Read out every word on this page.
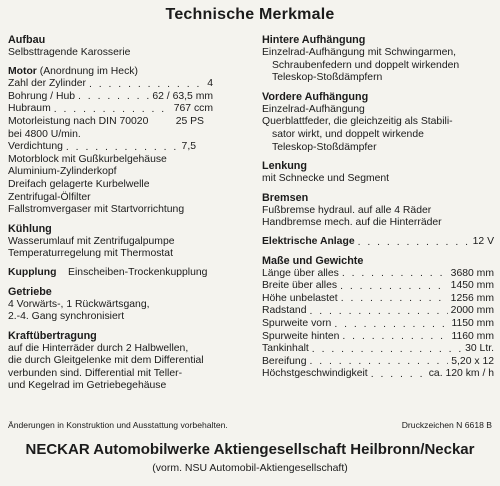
Technische Merkmale
Aufbau
Selbsttragende Karosserie
Motor (Anordnung im Heck)
Zahl der Zylinder . . .	4
Bohrung / Hub . . .	62 / 63,5 mm
Hubraum . . .	767 ccm
Motorleistung nach DIN 70020	25 PS
bei 4800 U/min.
Verdichtung . . .	7,5
Motorblock mit Gußkurbelgehäuse
Aluminium-Zylinderkopf
Dreifach gelagerte Kurbelwelle
Zentrifugal-Ölfilter
Fallstromvergaser mit Startvorrichtung
Kühlung
Wasserumlauf mit Zentrifugalpumpe
Temperaturregelung mit Thermostat
Kupplung Einscheiben-Trockenkupplung
Getriebe
4 Vorwärts-, 1 Rückwärtsgang,
2.-4. Gang synchronisiert
Kraftübertragung
auf die Hinterräder durch 2 Halbwellen,
die durch Gleitgelenke mit dem Differential
verbunden sind. Differential mit Teller-
und Kegelrad im Getriebegehäuse
Hintere Aufhängung
Einzelrad-Aufhängung mit Schwingarmen,
Schraubenfedern und doppelt wirkenden
Teleskop-Stoßdämpfern
Vordere Aufhängung
Einzelrad-Aufhängung
Querblattfeder, die gleichzeitig als Stabili-
sator wirkt, und doppelt wirkende
Teleskop-Stoßdämpfer
Lenkung
mit Schnecke und Segment
Bremsen
Fußbremse hydraul. auf alle 4 Räder
Handbremse mech. auf die Hinterräder
Elektrische Anlage . . .	12 V
Maße und Gewichte
Länge über alles . . .	3680 mm
Breite über alles . . .	1450 mm
Höhe unbelastet . . .	1256 mm
Radstand . . .	2000 mm
Spurweite vorn . . .	1150 mm
Spurweite hinten . . .	1160 mm
Tankinhalt . . .	30 Ltr.
Bereifung . . .	5,20 x 12
Höchstgeschwindigkeit . . .	ca. 120 km / h
Änderungen in Konstruktion und Ausstattung vorbehalten.	Druckzeichen N 6618 B
NECKAR Automobilwerke Aktiengesellschaft Heilbronn/Neckar
(vorm. NSU Automobil-Aktiengesellschaft)
